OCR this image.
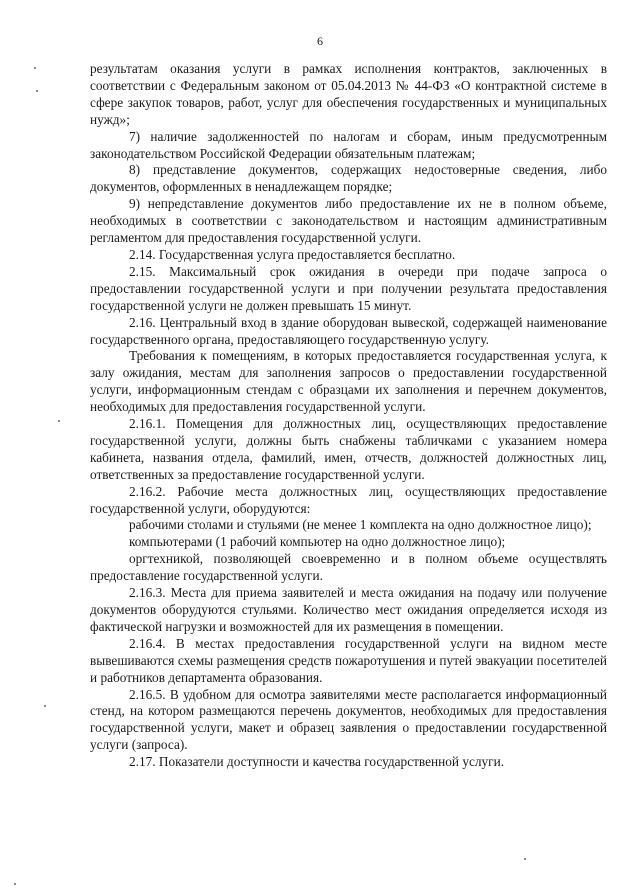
6

результатам оказания услуги в рамках исполнения контрактов, заключенных в соответствии с Федеральным законом от 05.04.2013 № 44-ФЗ «О контрактной системе в сфере закупок товаров, работ, услуг для обеспечения государственных и муниципальных нужд»;

7) наличие задолженностей по налогам и сборам, иным предусмотренным законодательством Российской Федерации обязательным платежам;

8) представление документов, содержащих недостоверные сведения, либо документов, оформленных в ненадлежащем порядке;

9) непредставление документов либо предоставление их не в полном объеме, необходимых в соответствии с законодательством и настоящим административным регламентом для предоставления государственной услуги.

2.14. Государственная услуга предоставляется бесплатно.

2.15. Максимальный срок ожидания в очереди при подаче запроса о предоставлении государственной услуги и при получении результата предоставления государственной услуги не должен превышать 15 минут.

2.16. Центральный вход в здание оборудован вывеской, содержащей наименование государственного органа, предоставляющего государственную услугу.

Требования к помещениям, в которых предоставляется государственная услуга, к залу ожидания, местам для заполнения запросов о предоставлении государственной услуги, информационным стендам с образцами их заполнения и перечнем документов, необходимых для предоставления государственной услуги.

2.16.1. Помещения для должностных лиц, осуществляющих предоставление государственной услуги, должны быть снабжены табличками с указанием номера кабинета, названия отдела, фамилий, имен, отчеств, должностей должностных лиц, ответственных за предоставление государственной услуги.

2.16.2. Рабочие места должностных лиц, осуществляющих предоставление государственной услуги, оборудуются:

рабочими столами и стульями (не менее 1 комплекта на одно должностное лицо);

компьютерами (1 рабочий компьютер на одно должностное лицо);

оргтехникой, позволяющей своевременно и в полном объеме осуществлять предоставление государственной услуги.

2.16.3. Места для приема заявителей и места ожидания на подачу или получение документов оборудуются стульями. Количество мест ожидания определяется исходя из фактической нагрузки и возможностей для их размещения в помещении.

2.16.4. В местах предоставления государственной услуги на видном месте вывешиваются схемы размещения средств пожаротушения и путей эвакуации посетителей и работников департамента образования.

2.16.5. В удобном для осмотра заявителями месте располагается информационный стенд, на котором размещаются перечень документов, необходимых для предоставления государственной услуги, макет и образец заявления о предоставлении государственной услуги (запроса).

2.17. Показатели доступности и качества государственной услуги.
